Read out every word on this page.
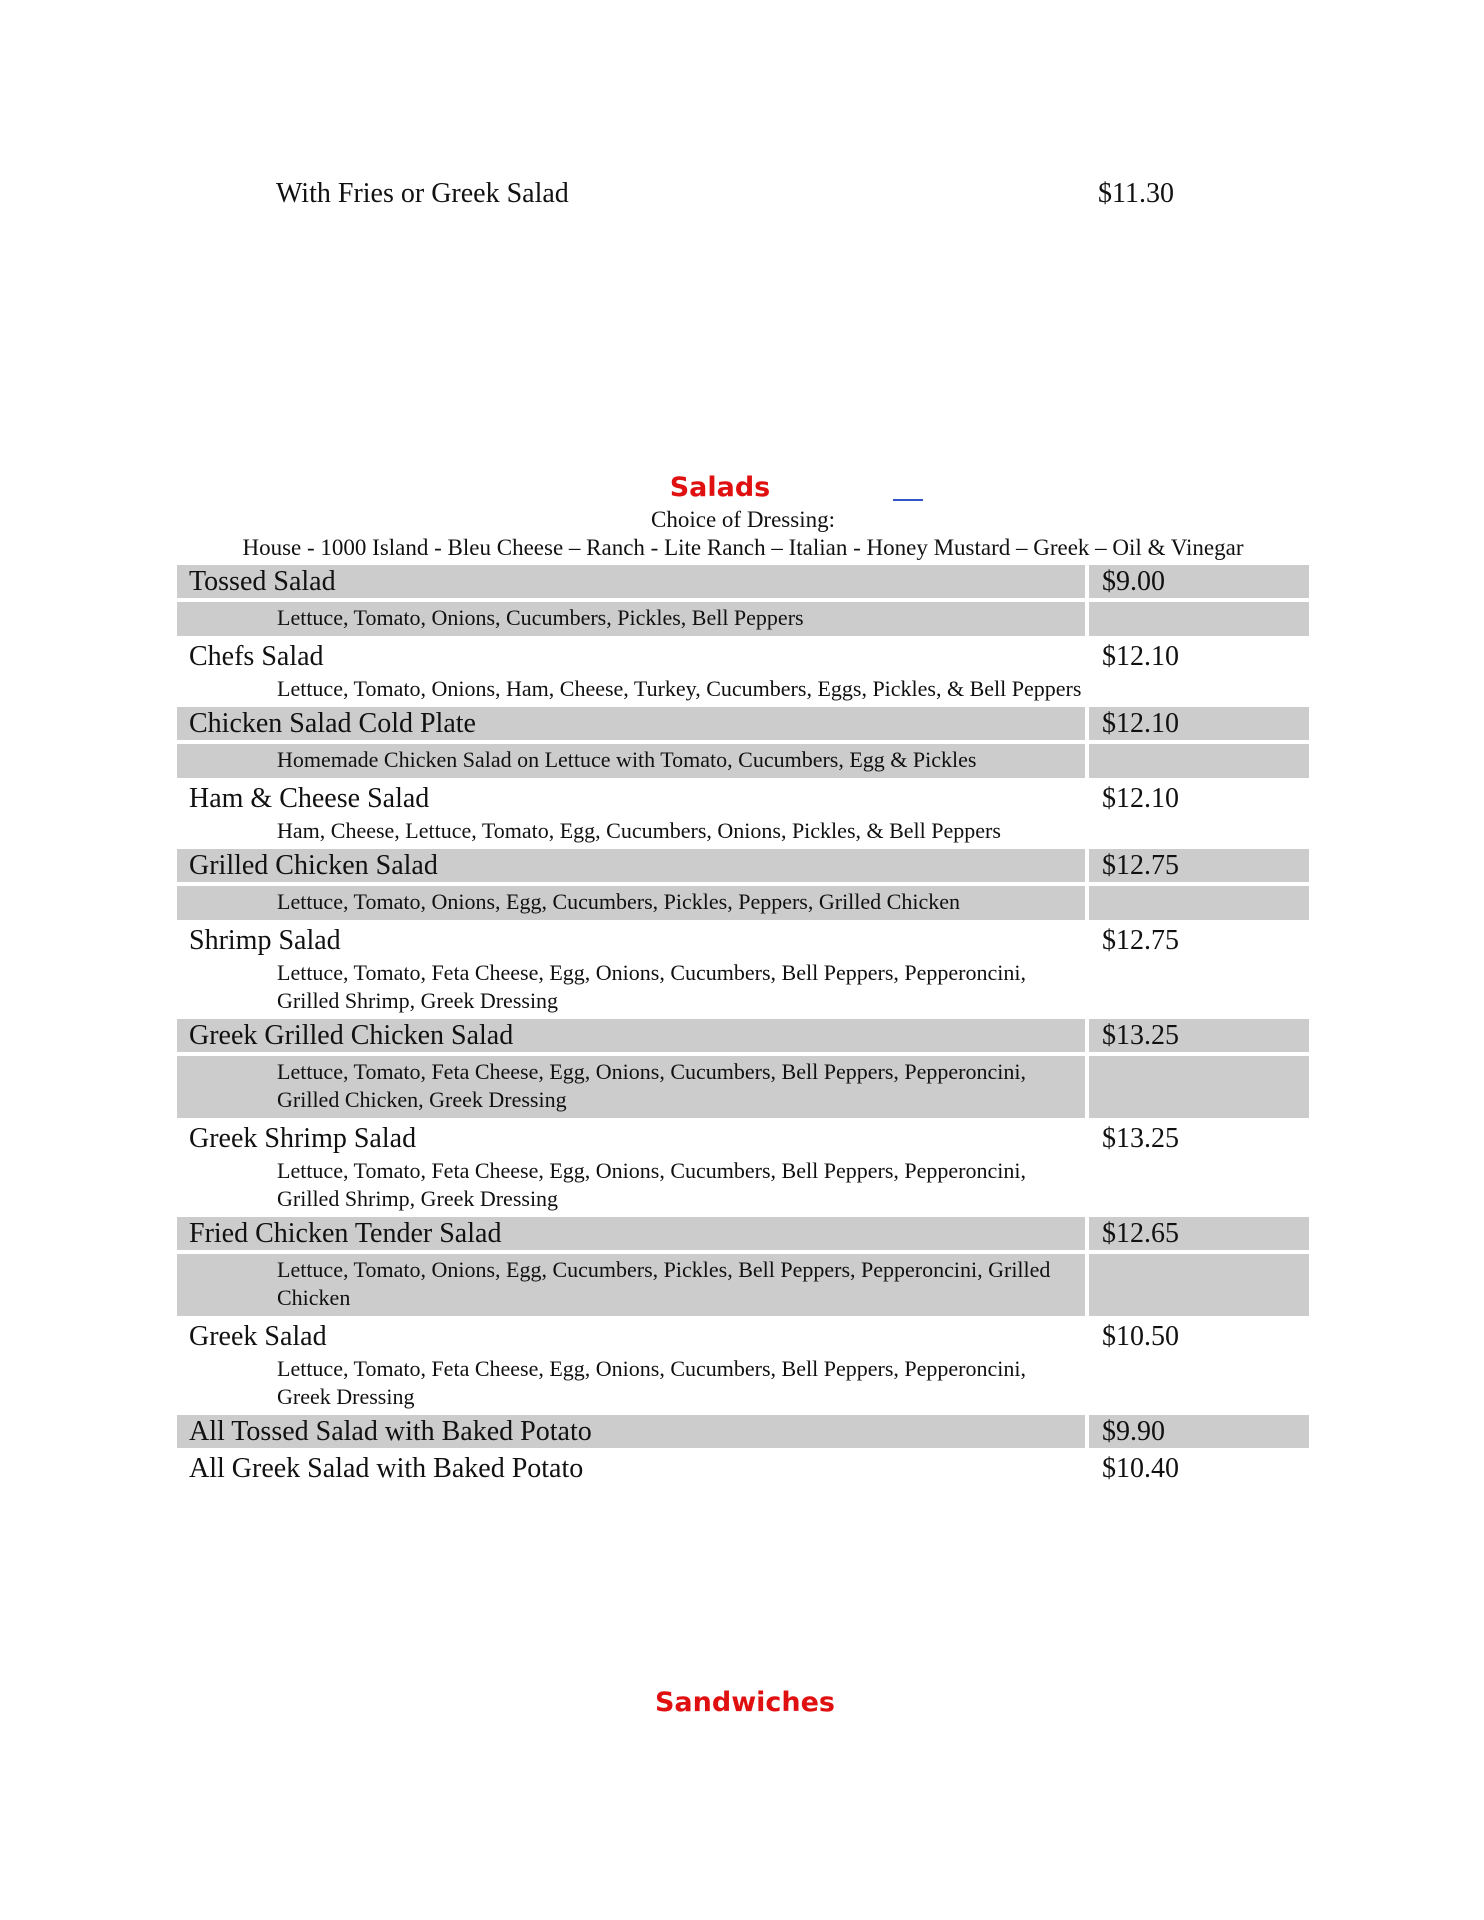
With Fries or Greek Salad	$11.30
Salads
Choice of Dressing:
House - 1000 Island - Bleu Cheese – Ranch - Lite Ranch – Italian - Honey Mustard – Greek – Oil & Vinegar
Tossed Salad	$9.00
Lettuce, Tomato, Onions, Cucumbers, Pickles, Bell Peppers
Chefs Salad	$12.10
Lettuce, Tomato, Onions, Ham, Cheese, Turkey, Cucumbers, Eggs, Pickles, & Bell Peppers
Chicken Salad Cold Plate	$12.10
Homemade Chicken Salad on Lettuce with Tomato, Cucumbers, Egg & Pickles
Ham & Cheese Salad	$12.10
Ham, Cheese, Lettuce, Tomato, Egg, Cucumbers, Onions, Pickles, & Bell Peppers
Grilled Chicken Salad	$12.75
Lettuce, Tomato, Onions, Egg, Cucumbers, Pickles, Peppers, Grilled Chicken
Shrimp Salad	$12.75
Lettuce, Tomato, Feta Cheese, Egg, Onions, Cucumbers, Bell Peppers, Pepperoncini, Grilled Shrimp, Greek Dressing
Greek Grilled Chicken Salad	$13.25
Lettuce, Tomato, Feta Cheese, Egg, Onions, Cucumbers, Bell Peppers, Pepperoncini, Grilled Chicken, Greek Dressing
Greek Shrimp Salad	$13.25
Lettuce, Tomato, Feta Cheese, Egg, Onions, Cucumbers, Bell Peppers, Pepperoncini, Grilled Shrimp, Greek Dressing
Fried Chicken Tender Salad	$12.65
Lettuce, Tomato, Onions, Egg, Cucumbers, Pickles, Bell Peppers, Pepperoncini, Grilled Chicken
Greek Salad	$10.50
Lettuce, Tomato, Feta Cheese, Egg, Onions, Cucumbers, Bell Peppers, Pepperoncini, Greek Dressing
All Tossed Salad with Baked Potato	$9.90
All Greek Salad with Baked Potato	$10.40
Sandwiches
